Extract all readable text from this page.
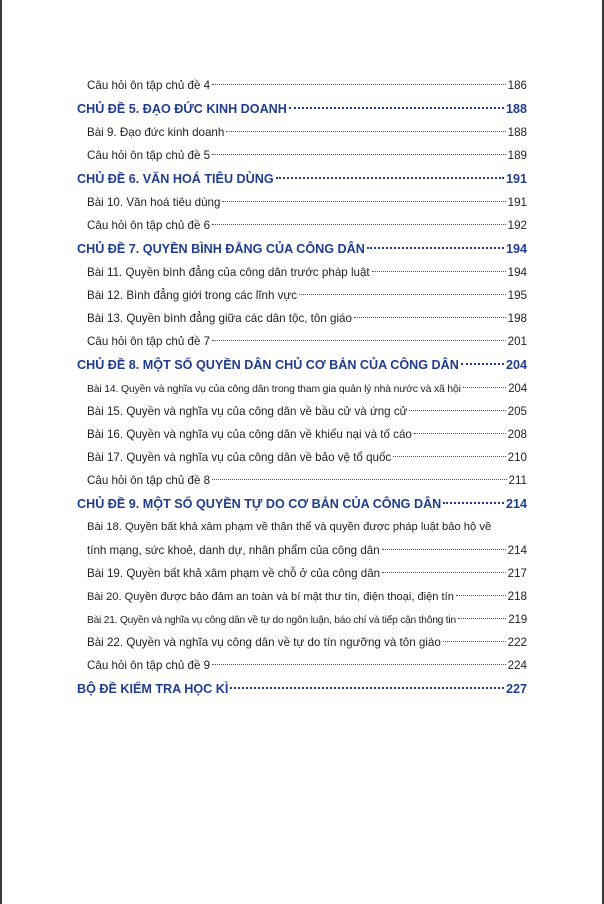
Câu hỏi ôn tập chủ đề 4	186
CHỦ ĐỀ 5. ĐẠO ĐỨC KINH DOANH	188
Bài 9. Đạo đức kinh doanh	188
Câu hỏi ôn tập chủ đề 5	189
CHỦ ĐỀ 6. VĂN HOÁ TIÊU DÙNG	191
Bài 10. Văn hoá tiêu dùng	191
Câu hỏi ôn tập chủ đề 6	192
CHỦ ĐỀ 7. QUYỀN BÌNH ĐẲNG CỦA CÔNG DÂN	194
Bài 11. Quyền bình đẳng của công dân trước pháp luật	194
Bài 12. Bình đẳng giới trong các lĩnh vực	195
Bài 13. Quyền bình đẳng giữa các dân tộc, tôn giáo	198
Câu hỏi ôn tập chủ đề 7	201
CHỦ ĐỀ 8. MỘT SỐ QUYỀN DÂN CHỦ CƠ BẢN CỦA CÔNG DÂN	204
Bài 14. Quyền và nghĩa vụ của công dân trong tham gia quản lý nhà nước và xã hội	204
Bài 15. Quyền và nghĩa vụ của công dân về bầu cử và ứng cử	205
Bài 16. Quyền và nghĩa vụ của công dân về khiếu nại và tố cáo	208
Bài 17. Quyền và nghĩa vụ của công dân về bảo vệ tổ quốc	210
Câu hỏi ôn tập chủ đề 8	211
CHỦ ĐỀ 9. MỘT SỐ QUYỀN TỰ DO CƠ BẢN CỦA CÔNG DÂN	214
Bài 18. Quyền bất khả xâm phạm về thân thể và quyền được pháp luật bảo hộ về
tính mạng, sức khoẻ, danh dự, nhân phẩm của công dân	214
Bài 19. Quyền bất khả xâm phạm về chỗ ở của công dân	217
Bài 20. Quyền được bảo đảm an toàn và bí mật thư tín, điện thoại, điện tín	218
Bài 21. Quyền và nghĩa vụ công dân về tự do ngôn luận, báo chí và tiếp cận thông tin	219
Bài 22. Quyền và nghĩa vụ công dân về tự do tín ngưỡng và tôn giáo	222
Câu hỏi ôn tập chủ đề 9	224
BỘ ĐỀ KIỂM TRA HỌC KÌ	227
